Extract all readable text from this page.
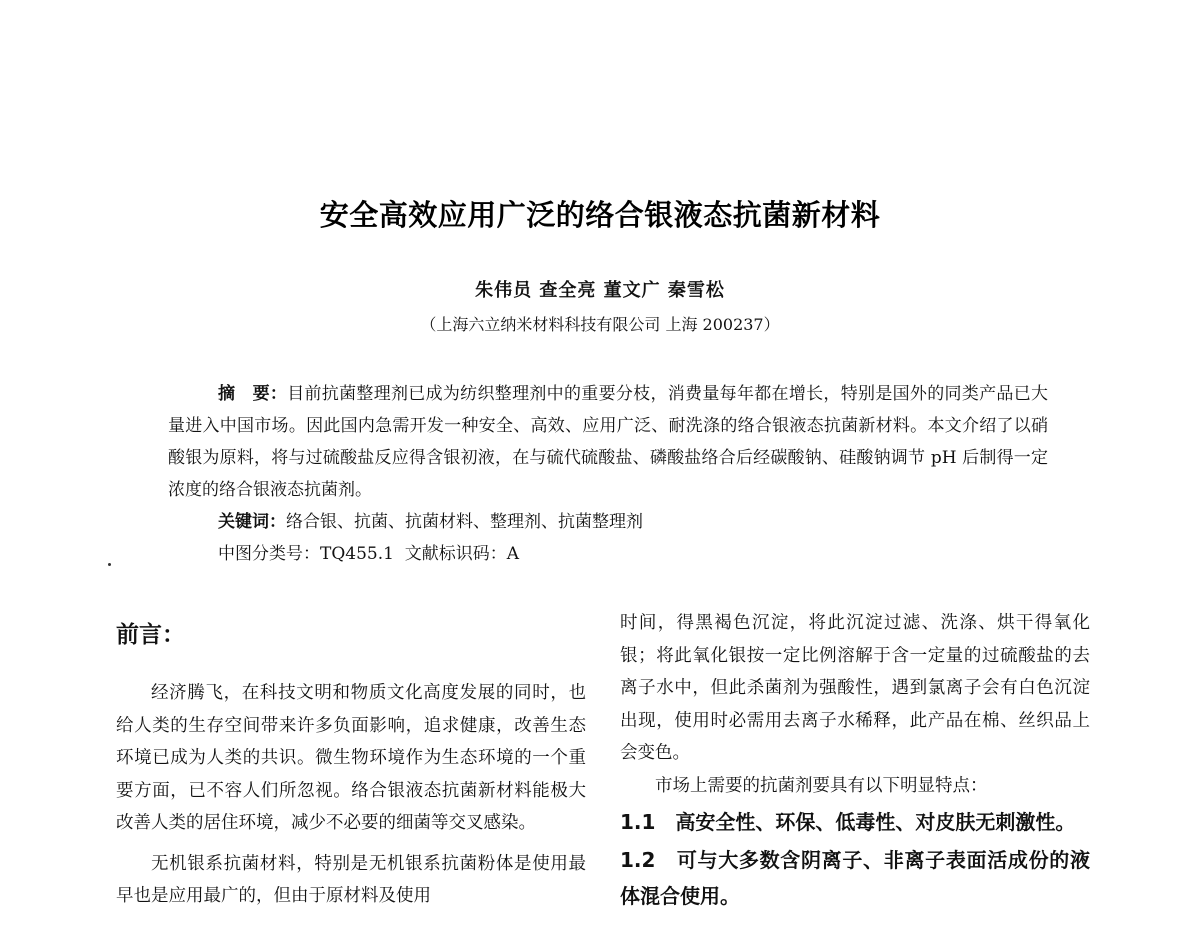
安全高效应用广泛的络合银液态抗菌新材料
朱伟员 查全亮 董文广 秦雪松
（上海六立纳米材料科技有限公司 上海 200237）

摘　要：目前抗菌整理剂已成为纺织整理剂中的重要分枝，消费量每年都在增长，特别是国外的同类产品已大量进入中国市场。因此国内急需开发一种安全、高效、应用广泛、耐洗涤的络合银液态抗菌新材料。本文介绍了以硝酸银为原料，将与过硫酸盐反应得含银初液，在与硫代硫酸盐、磷酸盐络合后经碳酸钠、硅酸钠调节 pH 后制得一定浓度的络合银液态抗菌剂。

关键词：络合银、抗菌、抗菌材料、整理剂、抗菌整理剂

中图分类号：TQ455.1 文献标识码：A

前言：

经济腾飞，在科技文明和物质文化高度发展的同时，也给人类的生存空间带来许多负面影响，追求健康，改善生态环境已成为人类的共识。微生物环境作为生态环境的一个重要方面，已不容人们所忽视。络合银液态抗菌新材料能极大改善人类的居住环境，减少不必要的细菌等交叉感染。

无机银系抗菌材料，特别是无机银系抗菌粉体是使用最早也是应用最广的，但由于原材料及使用

时间，得黑褐色沉淀，将此沉淀过滤、洗涤、烘干得氧化银；将此氧化银按一定比例溶解于含一定量的过硫酸盐的去离子水中，但此杀菌剂为强酸性，遇到氯离子会有白色沉淀出现，使用时必需用去离子水稀释，此产品在棉、丝织品上会变色。

市场上需要的抗菌剂要具有以下明显特点：

1.1　高安全性、环保、低毒性、对皮肤无刺激性。

1.2　可与大多数含阴离子、非离子表面活成份的液体混合使用。
